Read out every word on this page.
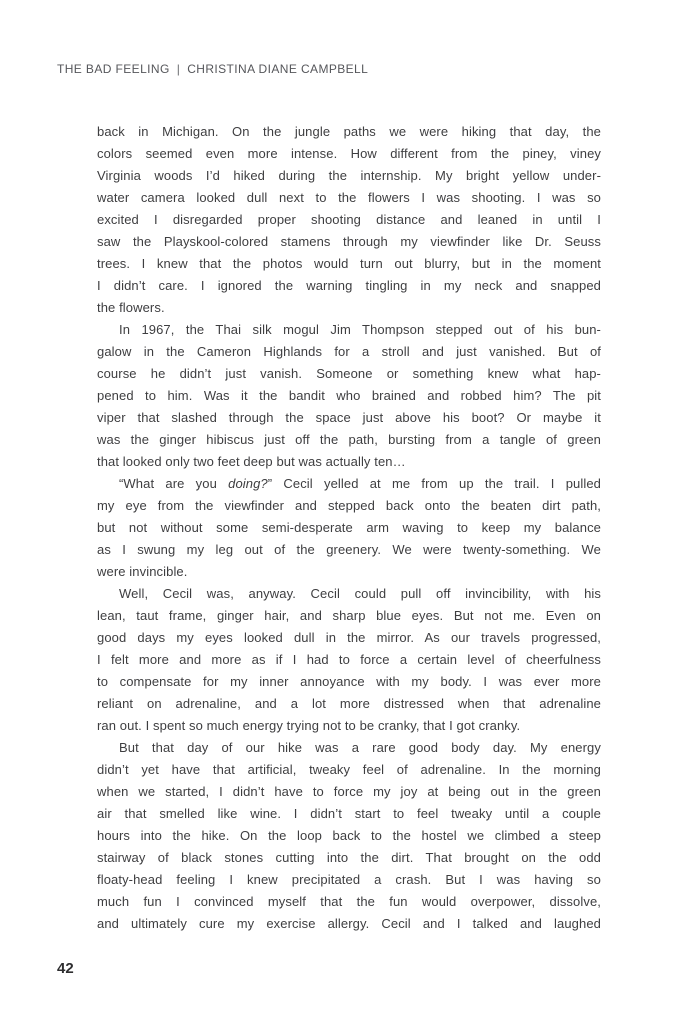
THE BAD FEELING | CHRISTINA DIANE CAMPBELL
back in Michigan. On the jungle paths we were hiking that day, the
colors seemed even more intense. How different from the piney, viney
Virginia woods I’d hiked during the internship. My bright yellow under-
water camera looked dull next to the flowers I was shooting. I was so
excited I disregarded proper shooting distance and leaned in until I
saw the Playskool-colored stamens through my viewfinder like Dr. Seuss
trees. I knew that the photos would turn out blurry, but in the moment
I didn’t care. I ignored the warning tingling in my neck and snapped
the flowers.
In 1967, the Thai silk mogul Jim Thompson stepped out of his bun-
galow in the Cameron Highlands for a stroll and just vanished. But of
course he didn’t just vanish. Someone or something knew what hap-
pened to him. Was it the bandit who brained and robbed him? The pit
viper that slashed through the space just above his boot? Or maybe it
was the ginger hibiscus just off the path, bursting from a tangle of green
that looked only two feet deep but was actually ten…
“What are you doing?” Cecil yelled at me from up the trail. I pulled
my eye from the viewfinder and stepped back onto the beaten dirt path,
but not without some semi-desperate arm waving to keep my balance
as I swung my leg out of the greenery. We were twenty-something. We
were invincible.
Well, Cecil was, anyway. Cecil could pull off invincibility, with his
lean, taut frame, ginger hair, and sharp blue eyes. But not me. Even on
good days my eyes looked dull in the mirror. As our travels progressed,
I felt more and more as if I had to force a certain level of cheerfulness
to compensate for my inner annoyance with my body. I was ever more
reliant on adrenaline, and a lot more distressed when that adrenaline
ran out. I spent so much energy trying not to be cranky, that I got cranky.
But that day of our hike was a rare good body day. My energy
didn’t yet have that artificial, tweaky feel of adrenaline. In the morning
when we started, I didn’t have to force my joy at being out in the green
air that smelled like wine. I didn’t start to feel tweaky until a couple
hours into the hike. On the loop back to the hostel we climbed a steep
stairway of black stones cutting into the dirt. That brought on the odd
floaty-head feeling I knew precipitated a crash. But I was having so
much fun I convinced myself that the fun would overpower, dissolve,
and ultimately cure my exercise allergy. Cecil and I talked and laughed
42
